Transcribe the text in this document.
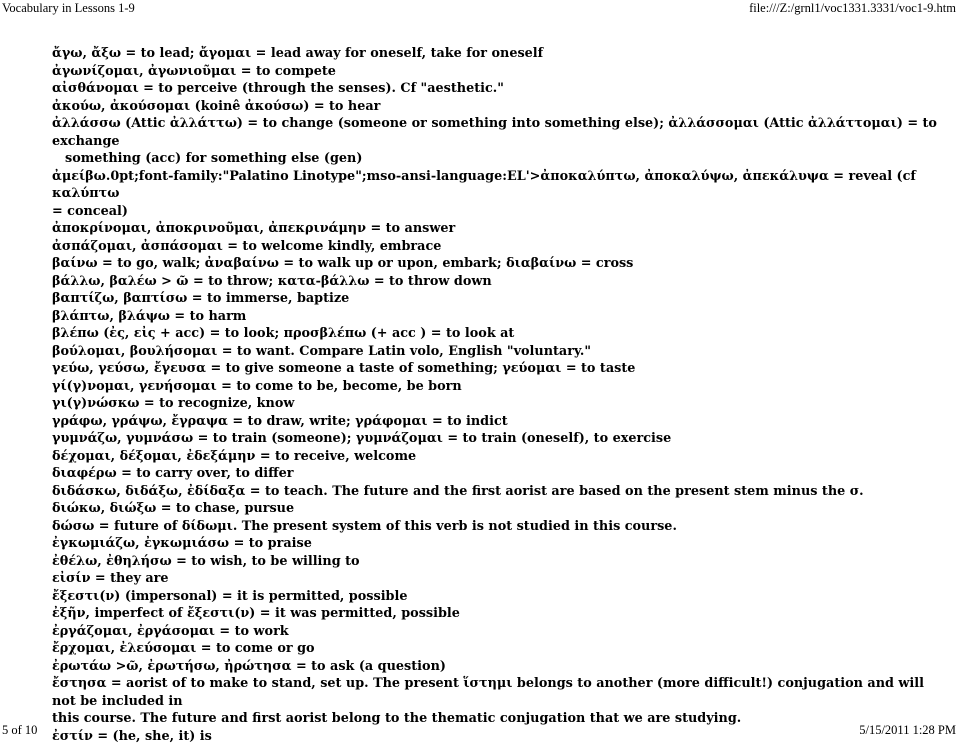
Vocabulary in Lessons 1-9	file:///Z:/grnl1/voc1331.3331/voc1-9.htm
ἄγω, ἄξω = to lead; ἄγομαι = lead away for oneself, take for oneself
ἀγωνίζομαι, ἀγωνιοῦμαι = to compete
αἰσθάνομαι = to perceive (through the senses). Cf "aesthetic."
ἀκούω, ἀκούσομαι (koinê ἀκούσω) = to hear
ἀλλάσσω (Attic ἀλλάττω) = to change (someone or something into something else); ἀλλάσσομαι (Attic ἀλλάττομαι) = to exchange
something (acc) for something else (gen)
ἀμείβω.0pt;font-family:"Palatino Linotype";mso-ansi-language:EL'>ἀποκαλύπτω, ἀποκαλύψω, ἀπεκάλυψα = reveal (cf καλύπτω
= conceal)
ἀποκρίνομαι, ἀποκρινοῦμαι, ἀπεκρινάμην = to answer
ἀσπάζομαι, ἀσπάσομαι = to welcome kindly, embrace
βαίνω = to go, walk; ἀναβαίνω = to walk up or upon, embark; διαβαίνω = cross
βάλλω, βαλέω > ῶ = to throw; κατα-βάλλω = to throw down
βαπτίζω, βαπτίσω = to immerse, baptize
βλάπτω, βλάψω = to harm
βλέπω (ἐς, εἰς + acc) = to look; προσβλέπω (+ acc ) = to look at
βούλομαι, βουλήσομαι = to want. Compare Latin volo, English "voluntary."
γεύω, γεύσω, ἔγευσα = to give someone a taste of something; γεύομαι = to taste
γί(γ)νομαι, γενήσομαι = to come to be, become, be born
γι(γ)νώσκω = to recognize, know
γράφω, γράψω, ἔγραψα = to draw, write; γράφομαι = to indict
γυμνάζω, γυμνάσω = to train (someone); γυμνάζομαι = to train (oneself), to exercise
δέχομαι, δέξομαι, ἐδεξάμην = to receive, welcome
διαφέρω = to carry over, to differ
διδάσκω, διδάξω, ἐδίδαξα = to teach. The future and the first aorist are based on the present stem minus the σ.
διώκω, διώξω = to chase, pursue
δώσω = future of δίδωμι. The present system of this verb is not studied in this course.
ἐγκωμιάζω, ἐγκωμιάσω = to praise
ἐθέλω, ἐθηλήσω = to wish, to be willing to
εἰσίν = they are
ἔξεστι(ν) (impersonal) = it is permitted, possible
ἐξῆν, imperfect of ἔξεστι(ν) = it was permitted, possible
ἐργάζομαι, ἐργάσομαι = to work
ἔρχομαι, ἐλεύσομαι = to come or go
ἐρωτάω >ῶ, ἐρωτήσω, ἠρώτησα = to ask (a question)
ἔστησα = aorist of to make to stand, set up. The present ἵστημι belongs to another (more difficult!) conjugation and will not be included in
this course. The future and first aorist belong to the thematic conjugation that we are studying.
ἐστίν = (he, she, it) is
5 of 10	5/15/2011 1:28 PM
